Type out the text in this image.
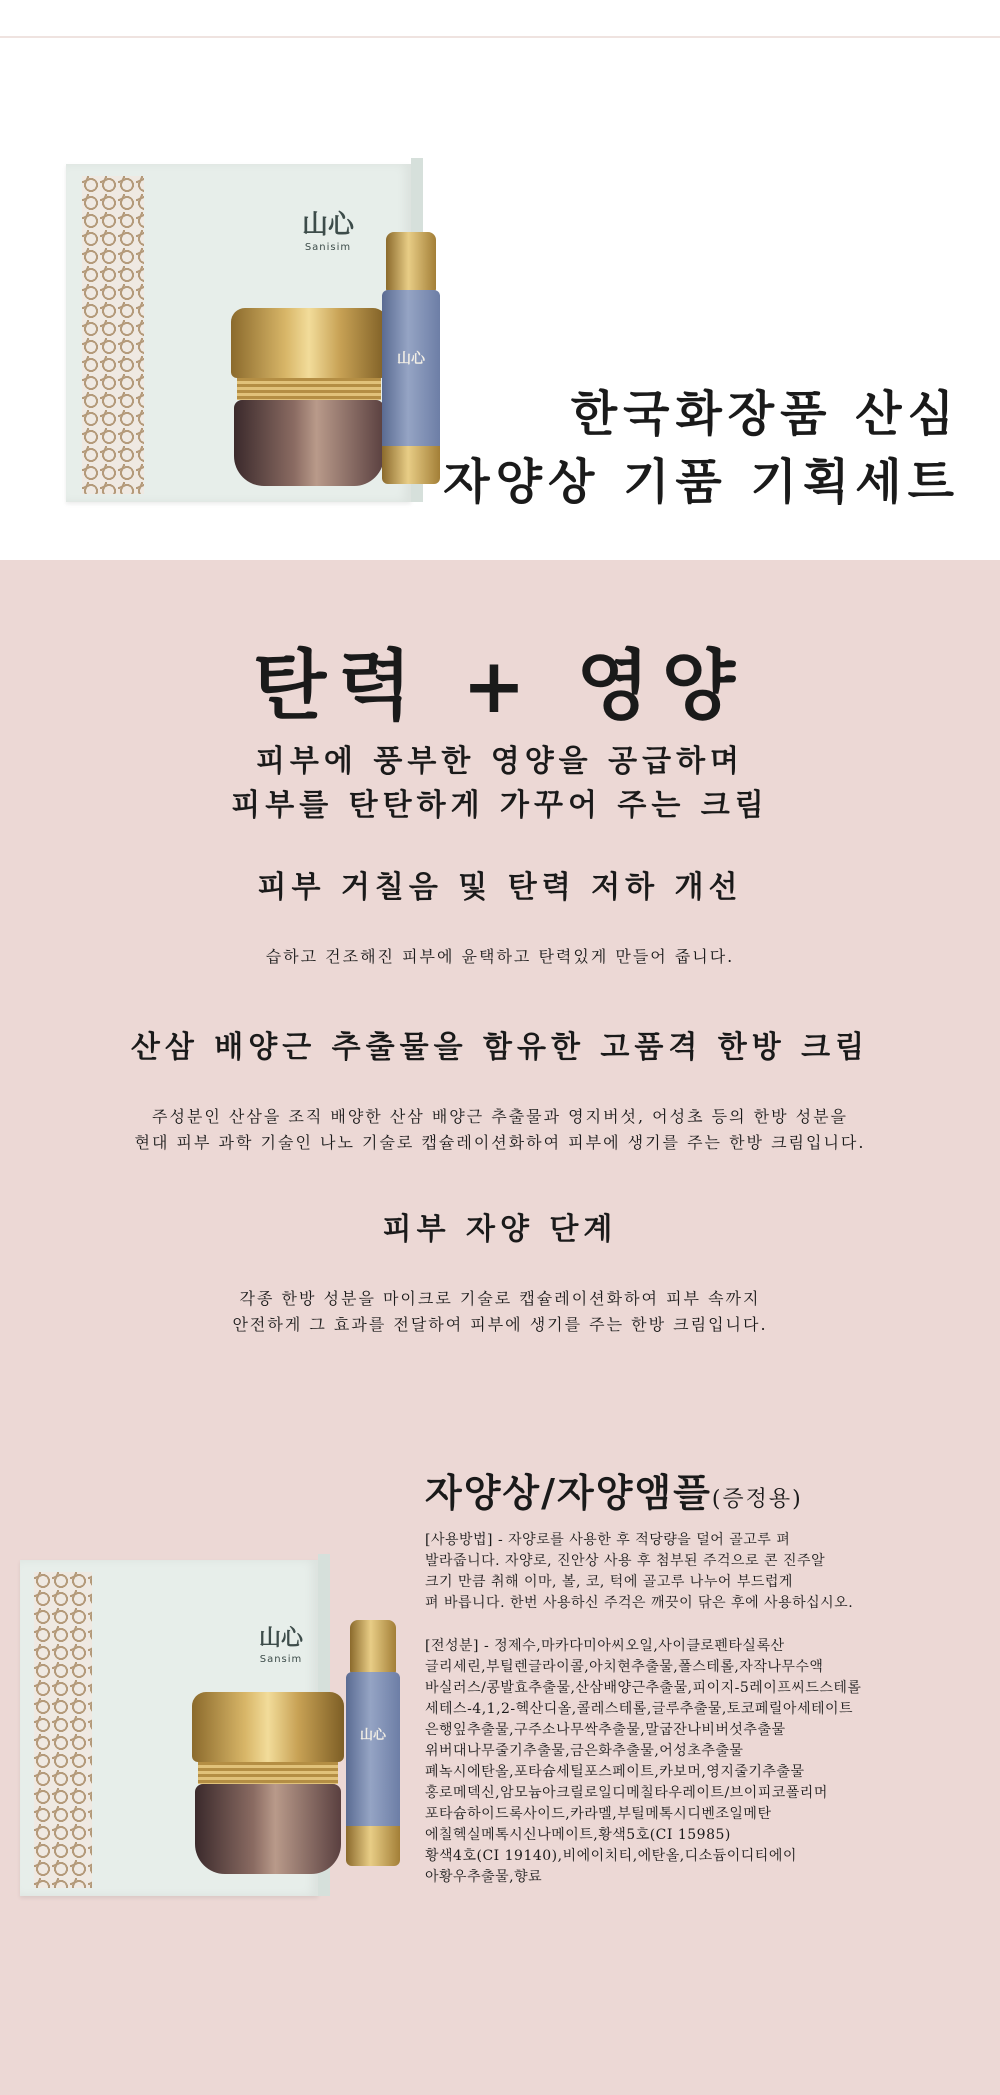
山心
Sanisim
山心
한국화장품 산심
자양상 기품 기획세트
탄력 + 영양

피부에 풍부한 영양을 공급하며
피부를 탄탄하게 가꾸어 주는 크림

피부 거칠음 및 탄력 저하 개선

습하고 건조해진 피부에 윤택하고 탄력있게 만들어 줍니다.

산삼 배양근 추출물을 함유한 고품격 한방 크림

주성분인 산삼을 조직 배양한 산삼 배양근 추출물과 영지버섯, 어성초 등의 한방 성분을
현대 피부 과학 기술인 나노 기술로 캡슐레이션화하여 피부에 생기를 주는 한방 크림입니다.

피부 자양 단계

각종 한방 성분을 마이크로 기술로 캡슐레이션화하여 피부 속까지
안전하게 그 효과를 전달하여 피부에 생기를 주는 한방 크림입니다.

山心
Sansim
山心
자양상/자양앰플(증정용)

[사용방법] - 자양로를 사용한 후 적당량을 덜어 골고루 펴
발라줍니다. 자양로, 진안상 사용 후 첨부된 주걱으로 콘 진주알
크기 만큼 취해 이마, 볼, 코, 턱에 골고루 나누어 부드럽게
펴 바릅니다. 한번 사용하신 주걱은 깨끗이 닦은 후에 사용하십시오.

[전성분] - 정제수,마카다미아씨오일,사이클로펜타실록산
글리세린,부틸렌글라이콜,아치현추출물,폴스테롤,자작나무수액
바실러스/콩발효추출물,산삼배양근추출물,피이지-5레이프씨드스테롤
세테스-4,1,2-헥산디올,콜레스테롤,글루추출물,토코페릴아세테이트
은행잎추출물,구주소나무싹추출물,말굽잔나비버섯추출물
위버대나무줄기추출물,금은화추출물,어성초추출물
폐녹시에탄올,포타슘세틸포스페이트,카보머,영지줄기추출물
홍로메덱신,암모늄아크릴로일디메칠타우레이트/브이피코폴리머
포타슘하이드록사이드,카라멜,부틸메톡시디벤조일메탄
에칠헥실메톡시신나메이트,황색5호(CI 15985)
황색4호(CI 19140),비에이치티,에탄올,디소듐이디티에이
아황우추출물,향료
